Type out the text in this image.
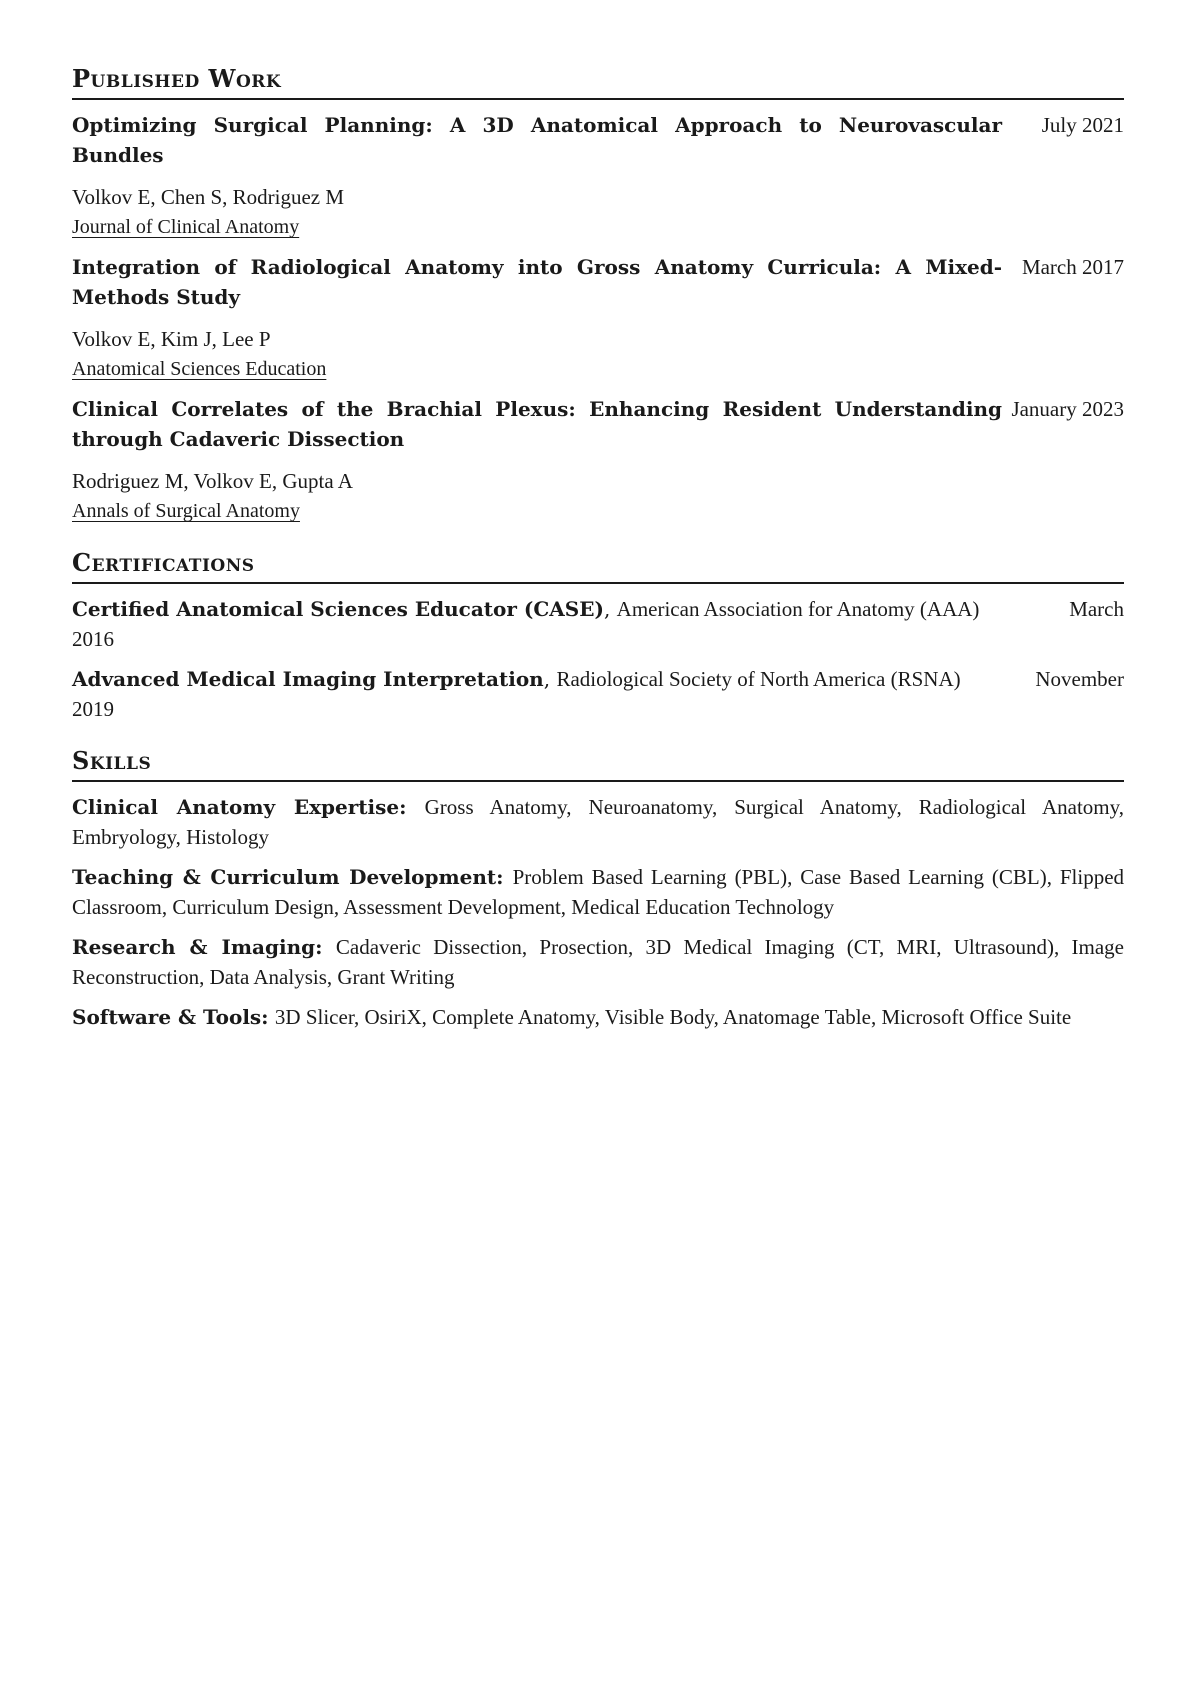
Published Work
Optimizing Surgical Planning: A 3D Anatomical Approach to Neurovascular Bundles
July 2021
Volkov E, Chen S, Rodriguez M
Journal of Clinical Anatomy
Integration of Radiological Anatomy into Gross Anatomy Curricula: A Mixed-Methods Study
March 2017
Volkov E, Kim J, Lee P
Anatomical Sciences Education
Clinical Correlates of the Brachial Plexus: Enhancing Resident Understanding through Cadaveric Dissection
January 2023
Rodriguez M, Volkov E, Gupta A
Annals of Surgical Anatomy
Certifications
Certified Anatomical Sciences Educator (CASE), American Association for Anatomy (AAA)	March
2016
Advanced Medical Imaging Interpretation, Radiological Society of North America (RSNA)	November
2019
Skills
Clinical Anatomy Expertise: Gross Anatomy, Neuroanatomy, Surgical Anatomy, Radiological Anatomy, Embryology, Histology
Teaching & Curriculum Development: Problem Based Learning (PBL), Case Based Learning (CBL), Flipped Classroom, Curriculum Design, Assessment Development, Medical Education Technology
Research & Imaging: Cadaveric Dissection, Prosection, 3D Medical Imaging (CT, MRI, Ultrasound), Image Reconstruction, Data Analysis, Grant Writing
Software & Tools: 3D Slicer, OsiriX, Complete Anatomy, Visible Body, Anatomage Table, Microsoft Office Suite
